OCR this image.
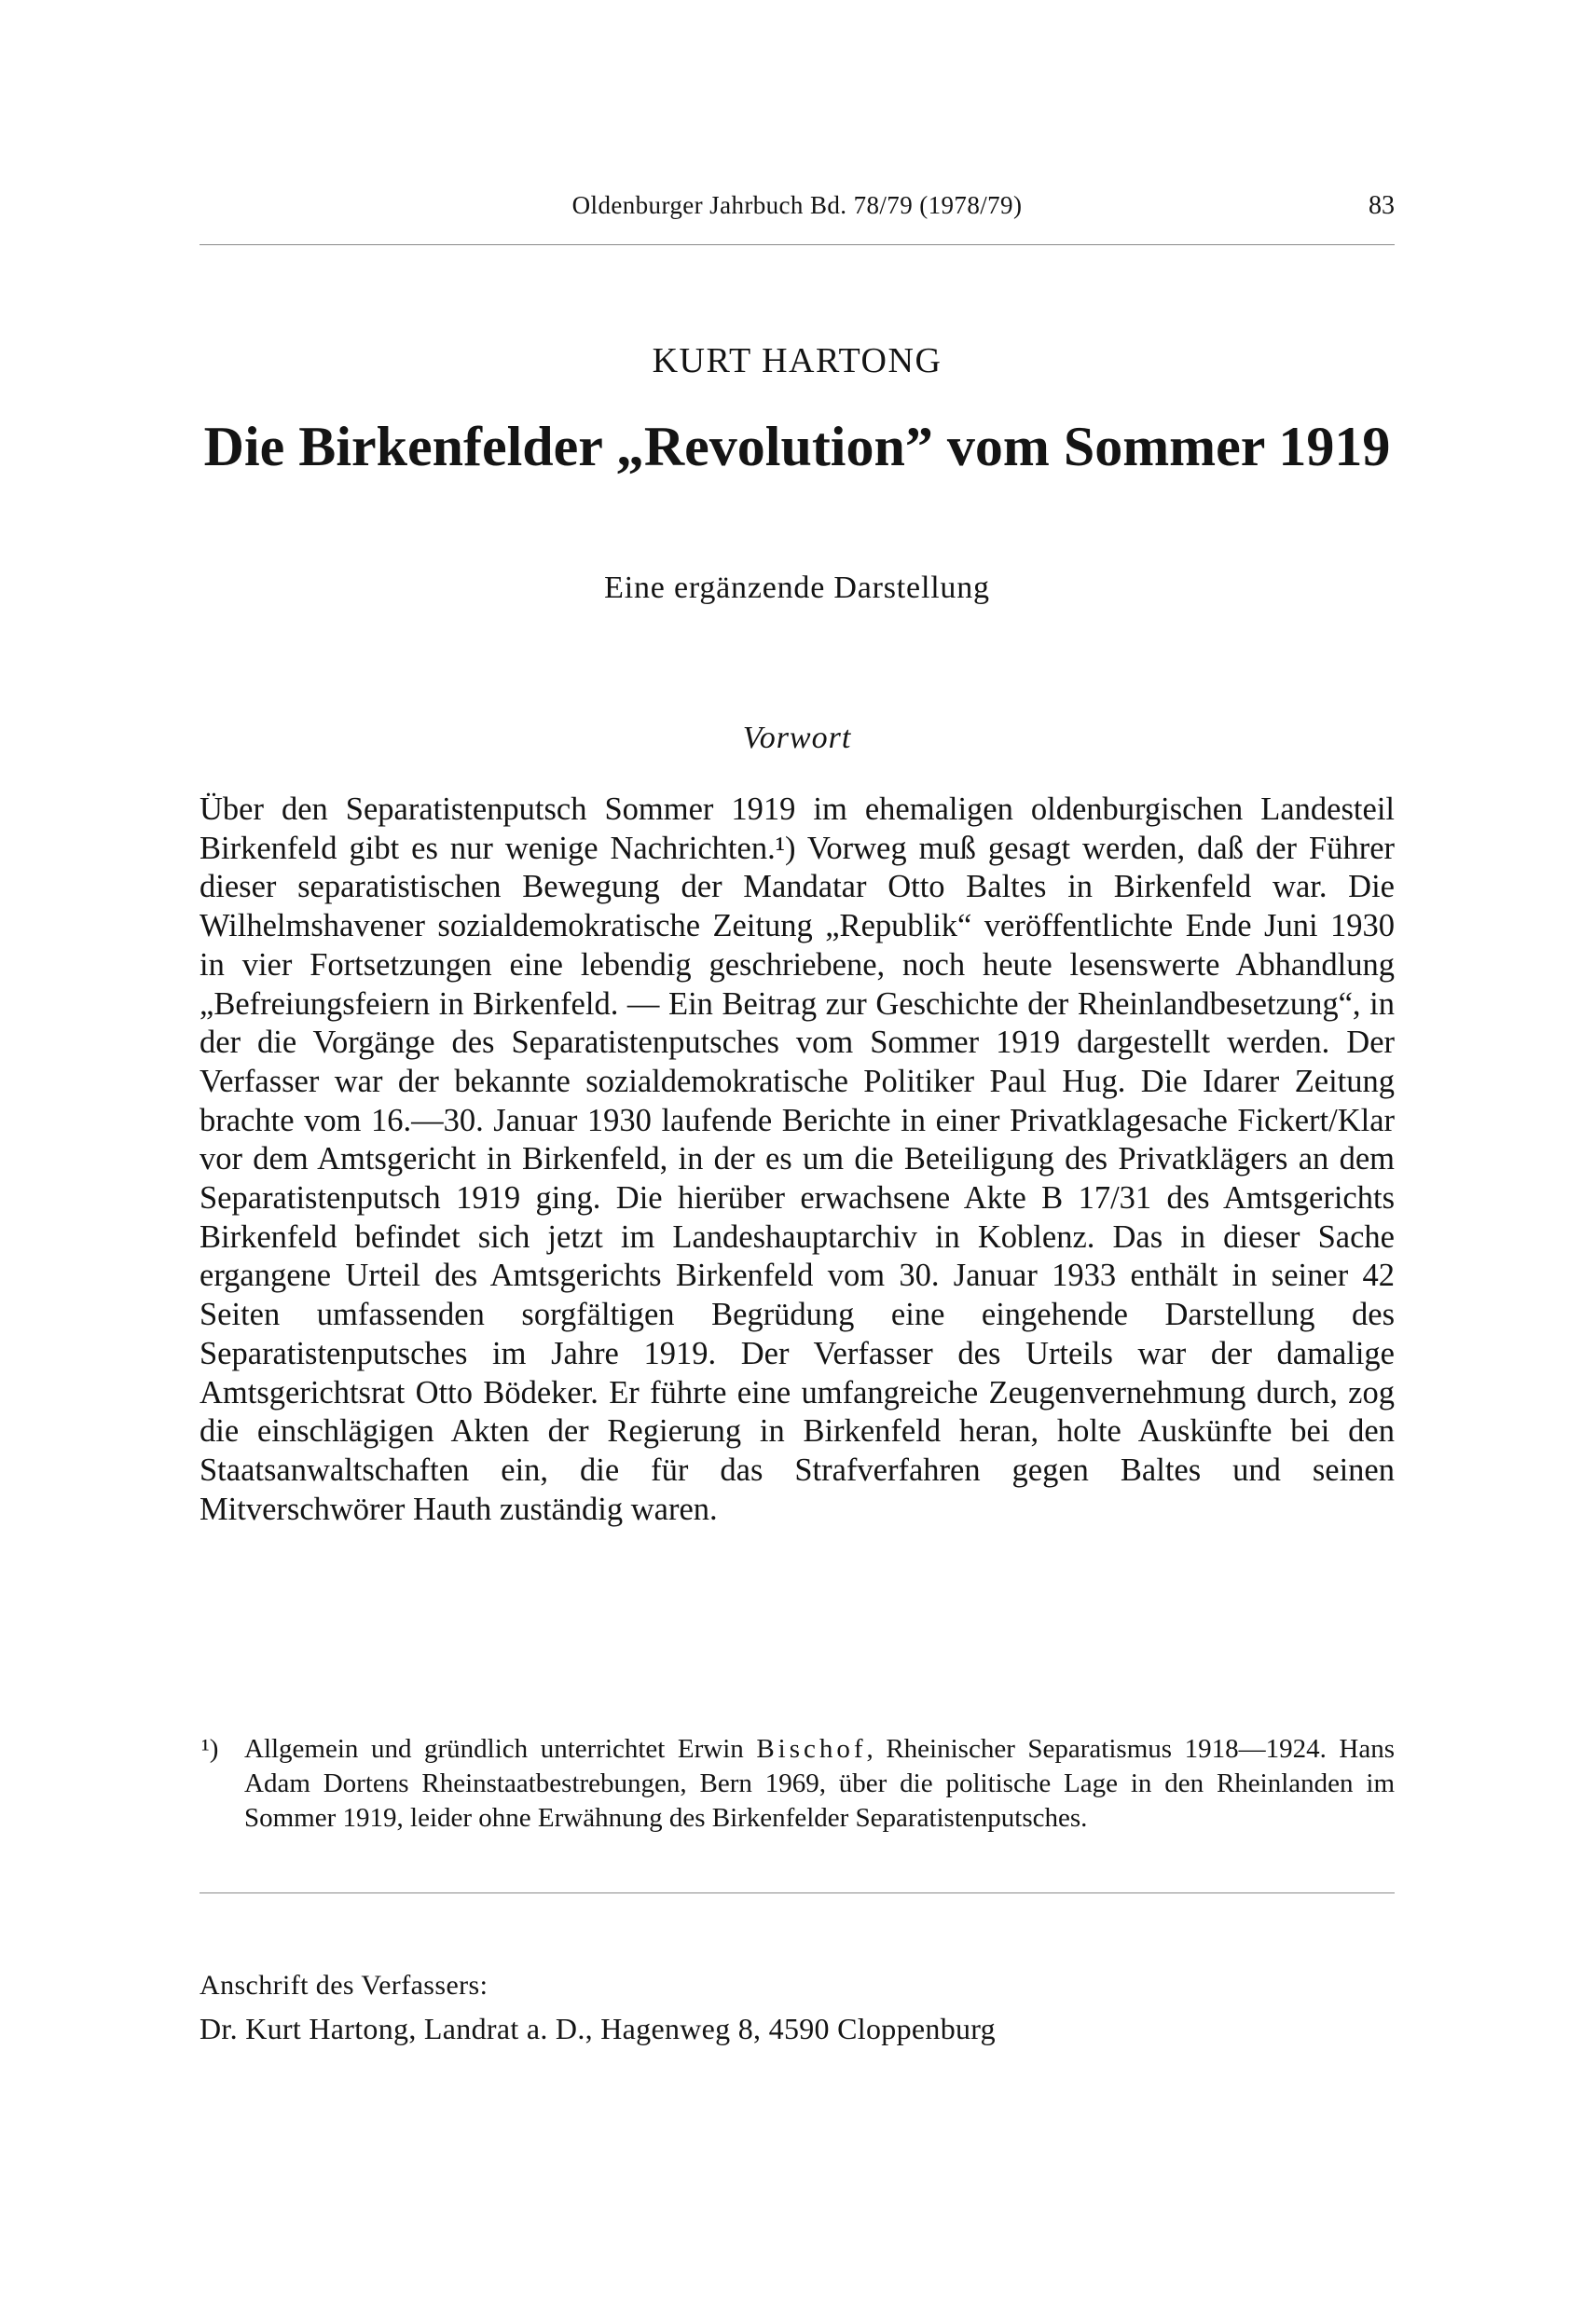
Oldenburger Jahrbuch Bd. 78/79 (1978/79)	83
KURT HARTONG
Die Birkenfelder „Revolution” vom Sommer 1919
Eine ergänzende Darstellung
Vorwort

Über den Separatistenputsch Sommer 1919 im ehemaligen oldenburgischen Landesteil Birkenfeld gibt es nur wenige Nachrichten.¹) Vorweg muß gesagt werden, daß der Führer dieser separatistischen Bewegung der Mandatar Otto Baltes in Birkenfeld war. Die Wilhelmshavener sozialdemokratische Zeitung „Republik“ veröffentlichte Ende Juni 1930 in vier Fortsetzungen eine lebendig geschriebene, noch heute lesenswerte Abhandlung „Befreiungsfeiern in Birkenfeld. — Ein Beitrag zur Geschichte der Rheinlandbesetzung“, in der die Vorgänge des Separatistenputsches vom Sommer 1919 dargestellt werden. Der Verfasser war der bekannte sozialdemokratische Politiker Paul Hug. Die Idarer Zeitung brachte vom 16.—30. Januar 1930 laufende Berichte in einer Privatklagesache Fickert/Klar vor dem Amtsgericht in Birkenfeld, in der es um die Beteiligung des Privatklägers an dem Separatistenputsch 1919 ging. Die hierüber erwachsene Akte B 17/31 des Amtsgerichts Birkenfeld befindet sich jetzt im Landeshauptarchiv in Koblenz. Das in dieser Sache ergangene Urteil des Amtsgerichts Birkenfeld vom 30. Januar 1933 enthält in seiner 42 Seiten umfassenden sorgfältigen Begrüdung eine eingehende Darstellung des Separatistenputsches im Jahre 1919. Der Verfasser des Urteils war der damalige Amtsgerichtsrat Otto Bödeker. Er führte eine umfangreiche Zeugenvernehmung durch, zog die einschlägigen Akten der Regierung in Birkenfeld heran, holte Auskünfte bei den Staatsanwaltschaften ein, die für das Strafverfahren gegen Baltes und seinen Mitverschwörer Hauth zuständig waren.

¹) Allgemein und gründlich unterrichtet Erwin Bischof, Rheinischer Separatismus 1918—1924. Hans Adam Dortens Rheinstaatbestrebungen, Bern 1969, über die politische Lage in den Rheinlanden im Sommer 1919, leider ohne Erwähnung des Birkenfelder Separatistenputsches.

Anschrift des Verfassers:
Dr. Kurt Hartong, Landrat a. D., Hagenweg 8, 4590 Cloppenburg
